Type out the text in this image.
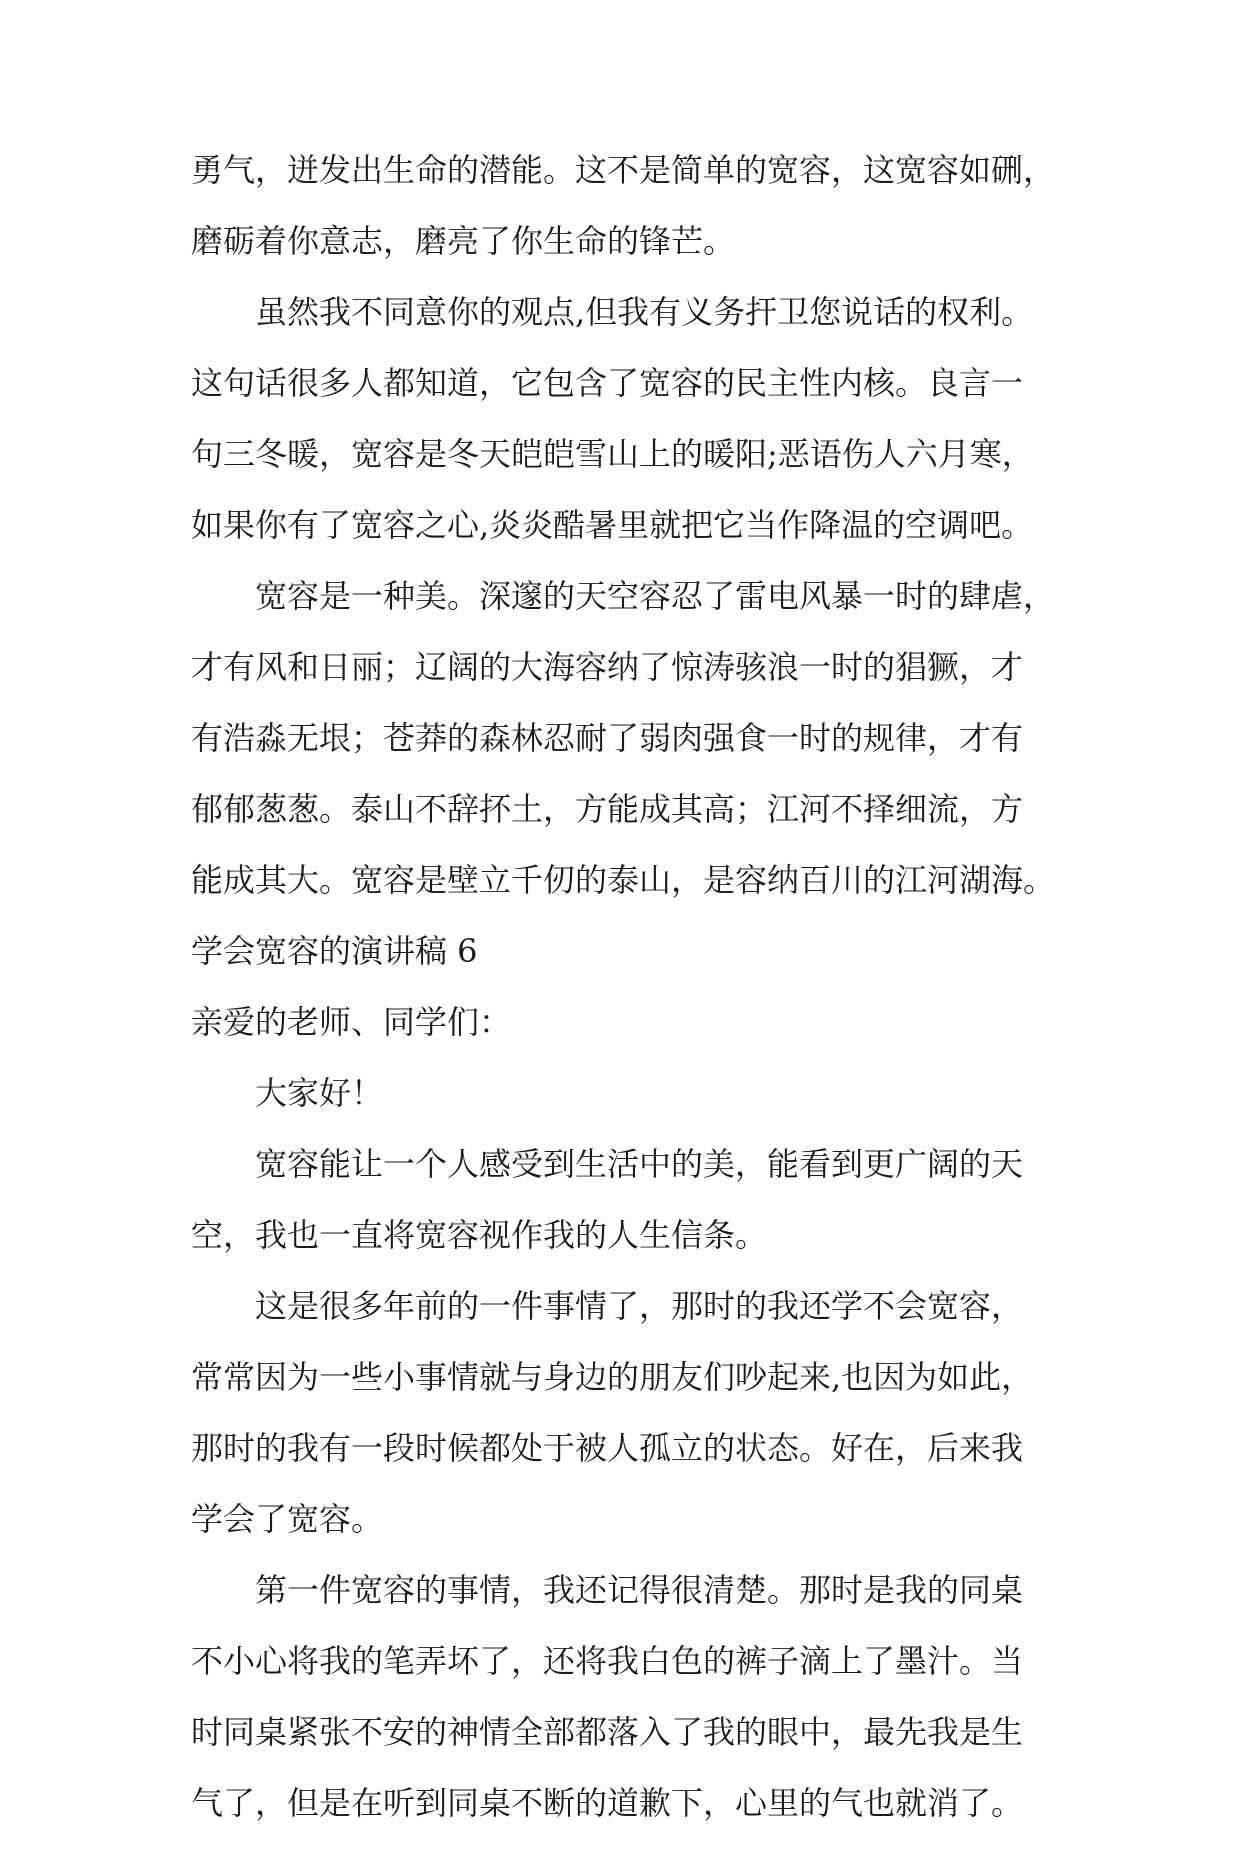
勇气，迸发出生命的潜能。这不是简单的宽容，这宽容如硎，
磨砺着你意志，磨亮了你生命的锋芒。
虽然我不同意你的观点,但我有义务扞卫您说话的权利。
这句话很多人都知道，它包含了宽容的民主性内核。良言一
句三冬暖，宽容是冬天皑皑雪山上的暖阳;恶语伤人六月寒，
如果你有了宽容之心,炎炎酷暑里就把它当作降温的空调吧。
宽容是一种美。深邃的天空容忍了雷电风暴一时的肆虐，
才有风和日丽；辽阔的大海容纳了惊涛骇浪一时的猖獗，才
有浩淼无垠；苍莽的森林忍耐了弱肉强食一时的规律，才有
郁郁葱葱。泰山不辞抔土，方能成其高；江河不择细流，方
能成其大。宽容是壁立千仞的泰山，是容纳百川的江河湖海。
学会宽容的演讲稿 6
亲爱的老师、同学们：
大家好！
宽容能让一个人感受到生活中的美，能看到更广阔的天
空，我也一直将宽容视作我的人生信条。
这是很多年前的一件事情了，那时的我还学不会宽容，
常常因为一些小事情就与身边的朋友们吵起来,也因为如此，
那时的我有一段时候都处于被人孤立的状态。好在，后来我
学会了宽容。
第一件宽容的事情，我还记得很清楚。那时是我的同桌
不小心将我的笔弄坏了，还将我白色的裤子滴上了墨汁。当
时同桌紧张不安的神情全部都落入了我的眼中，最先我是生
气了，但是在听到同桌不断的道歉下，心里的气也就消了。
